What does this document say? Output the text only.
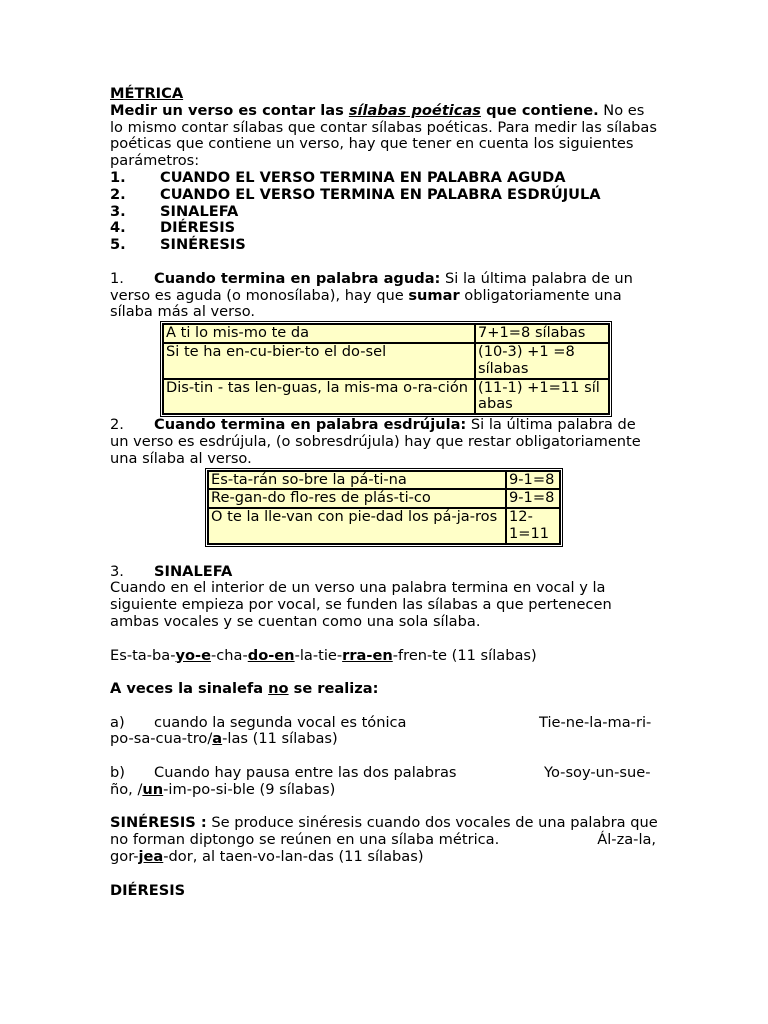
MÉTRICA

Medir un verso es contar las sílabas poéticas que contiene. No es lo mismo contar sílabas que contar sílabas poéticas. Para medir las sílabas poéticas que contiene un verso, hay que tener en cuenta los siguientes parámetros:

1. CUANDO EL VERSO TERMINA EN PALABRA AGUDA

2. CUANDO EL VERSO TERMINA EN PALABRA ESDRÚJULA

3. SINALEFA

4. DIÉRESIS

5. SINÉRESIS

1. Cuando termina en palabra aguda: Si la última palabra de un verso es aguda (o monosílaba), hay que sumar obligatoriamente una sílaba más al verso.

A ti lo mis-mo te da	7+1=8 sílabas
Si te ha en-cu-bier-to el do-sel	(10-3) +1 =8 sílabas
Dis-tin - tas len-guas, la mis-ma o-ra-ción	(11-1) +1=11 síl abas

2. Cuando termina en palabra esdrújula: Si la última palabra de un verso es esdrújula, (o sobresdrújula) hay que restar obligatoriamente una sílaba al verso.

Es-ta-rán so-bre la pá-ti-na	9-1=8
Re-gan-do flo-res de plás-ti-co	9-1=8
O te la lle-van con pie-dad los pá-ja-ros	12-1=11

3. SINALEFA

Cuando en el interior de un verso una palabra termina en vocal y la siguiente empieza por vocal, se funden las sílabas a que pertenecen ambas vocales y se cuentan como una sola sílaba.

Es-ta-ba-yo-e-cha-do-en-la-tie-rra-en-fren-te (11 sílabas)

A veces la sinalefa no se realiza:

a) cuando la segunda vocal es tónica	Tie-ne-la-ma-ri-po-sa-cua-tro/a-las (11 sílabas)

b) Cuando hay pausa entre las dos palabras	Yo-soy-un-sue-ño, /un-im-po-si-ble (9 sílabas)

SINÉRESIS : Se produce sinéresis cuando dos vocales de una palabra que no forman diptongo se reúnen en una sílaba métrica.	Ál-za-la, gor-jea-dor, al taen-vo-lan-das (11 sílabas)

DIÉRESIS
